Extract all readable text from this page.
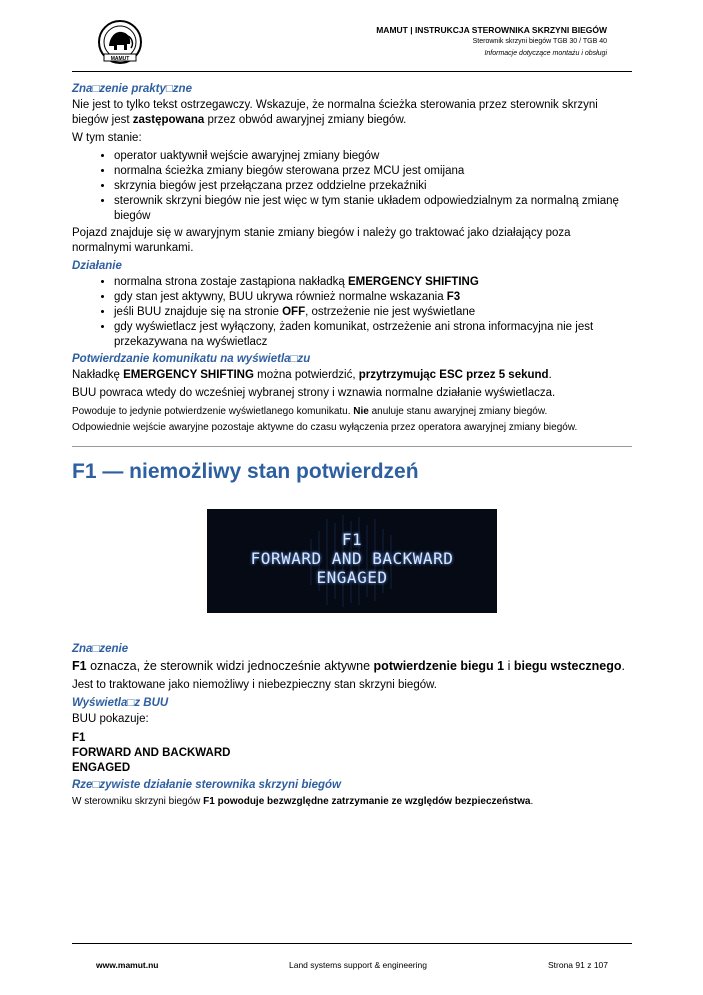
MAMUT
MAMUT | INSTRUKCJA STEROWNIKA SKRZYNI BIEGÓW
Sterownik skrzyni biegów TGB 30 / TGB 40
Informacje dotyczące montażu i obsługi
Zna□zenie prakty□zne

Nie jest to tylko tekst ostrzegawczy. Wskazuje, że normalna ścieżka sterowania przez sterownik skrzyni biegów jest zastępowana przez obwód awaryjnej zmiany biegów.

W tym stanie:

• operator uaktywnił wejście awaryjnej zmiany biegów
• normalna ścieżka zmiany biegów sterowana przez MCU jest omijana
• skrzynia biegów jest przełączana przez oddzielne przekaźniki
• sterownik skrzyni biegów nie jest więc w tym stanie układem odpowiedzialnym za normalną zmianę biegów

Pojazd znajduje się w awaryjnym stanie zmiany biegów i należy go traktować jako działający poza normalnymi warunkami.

Działanie
• normalna strona zostaje zastąpiona nakładką EMERGENCY SHIFTING
• gdy stan jest aktywny, BUU ukrywa również normalne wskazania F3
• jeśli BUU znajduje się na stronie OFF, ostrzeżenie nie jest wyświetlane
• gdy wyświetlacz jest wyłączony, żaden komunikat, ostrzeżenie ani strona informacyjna nie jest przekazywana na wyświetlacz
Potwierdzanie komunikatu na wyświetla□zu

Nakładkę EMERGENCY SHIFTING można potwierdzić, przytrzymując ESC przez 5 sekund.

BUU powraca wtedy do wcześniej wybranej strony i wznawia normalne działanie wyświetlacza.

Powoduje to jedynie potwierdzenie wyświetlanego komunikatu. Nie anuluje stanu awaryjnej zmiany biegów.

Odpowiednie wejście awaryjne pozostaje aktywne do czasu wyłączenia przez operatora awaryjnej zmiany biegów.

F1 — niemożliwy stan potwierdzeń
F1
FORWARD AND BACKWARD
ENGAGED
Zna□zenie

F1 oznacza, że sterownik widzi jednocześnie aktywne potwierdzenie biegu 1 i biegu wstecznego.

Jest to traktowane jako niemożliwy i niebezpieczny stan skrzyni biegów.

Wyświetla□z BUU

BUU pokazuje:

F1
FORWARD AND BACKWARD
ENGAGED
Rze□zywiste działanie sterownika skrzyni biegów

W sterowniku skrzyni biegów F1 powoduje bezwzględne zatrzymanie ze względów bezpieczeństwa.

www.mamut.nu	Land systems support & engineering	Strona 91 z 107
